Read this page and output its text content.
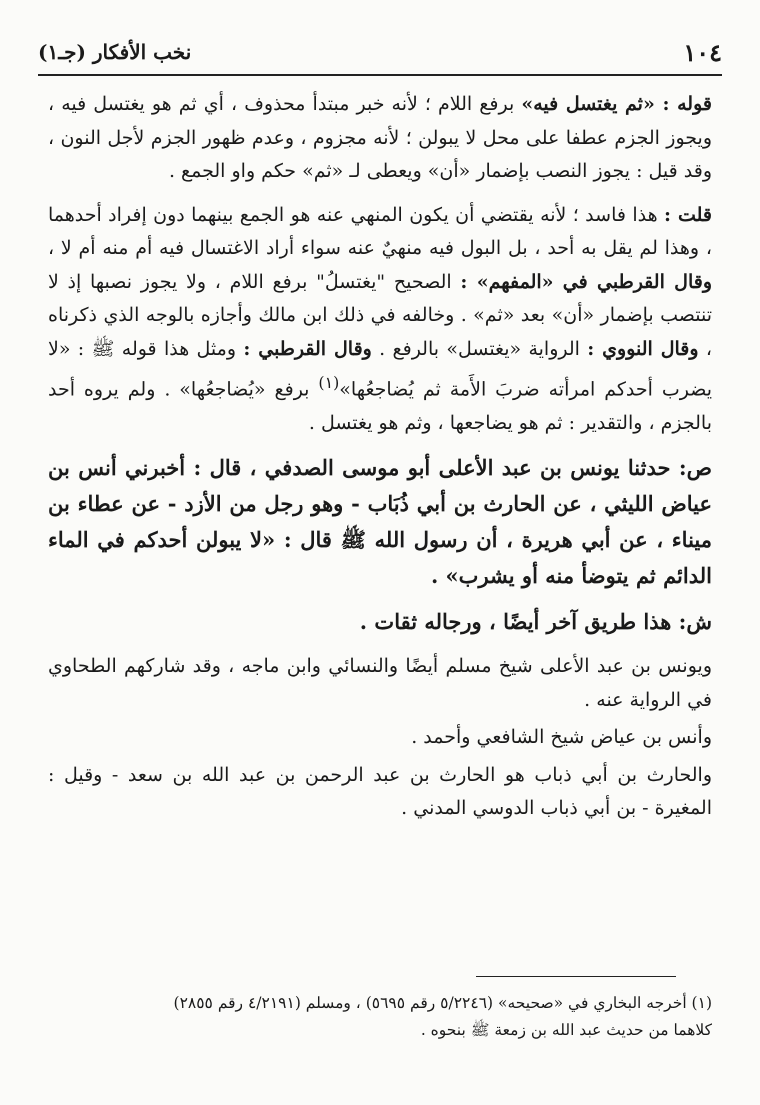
١٠٤
نخب الأفكار (جـ١)

قوله : «ثم يغتسل فيه» برفع اللام ؛ لأنه خبر مبتدأ محذوف ، أي ثم هو يغتسل فيه ، ويجوز الجزم عطفا على محل لا يبولن ؛ لأنه مجزوم ، وعدم ظهور الجزم لأجل النون ، وقد قيل : يجوز النصب بإضمار «أن» ويعطى لـ «ثم» حكم واو الجمع .

قلت : هذا فاسد ؛ لأنه يقتضي أن يكون المنهي عنه هو الجمع بينهما دون إفراد أحدهما ، وهذا لم يقل به أحد ، بل البول فيه منهيٌ عنه سواء أراد الاغتسال فيه أم منه أم لا ، وقال القرطبي في «المفهم» : الصحيح "يغتسلُ" برفع اللام ، ولا يجوز نصبها إذ لا تنتصب بإضمار «أن» بعد «ثم» . وخالفه في ذلك ابن مالك وأجازه بالوجه الذي ذكرناه ، وقال النووي : الرواية «يغتسل» بالرفع . وقال القرطبي : ومثل هذا قوله ﷺ : «لا يضرب أحدكم امرأته ضربَ الأَمة ثم يُضاجعُها»$^{(١)}$ برفع «يُضاجعُها» . ولم يروه أحد بالجزم ، والتقدير : ثم هو يضاجعها ، وثم هو يغتسل .

ص: حدثنا يونس بن عبد الأعلى أبو موسى الصدفي ، قال : أخبرني أنس بن عياض الليثي ، عن الحارث بن أبي ذُبَاب - وهو رجل من الأزد - عن عطاء بن ميناء ، عن أبي هريرة ، أن رسول الله ﷺ قال : «لا يبولن أحدكم في الماء الدائم ثم يتوضأ منه أو يشرب» .

ش: هذا طريق آخر أيضًا ، ورجاله ثقات .

ويونس بن عبد الأعلى شيخ مسلم أيضًا والنسائي وابن ماجه ، وقد شاركهم الطحاوي في الرواية عنه .

وأنس بن عياض شيخ الشافعي وأحمد .

والحارث بن أبي ذباب هو الحارث بن عبد الرحمن بن عبد الله بن سعد - وقيل : المغيرة - بن أبي ذباب الدوسي المدني .

(١) أخرجه البخاري في «صحيحه» (٥/٢٢٤٦ رقم ٥٦٩٥) ، ومسلم (٤/٢١٩١ رقم ٢٨٥٥)

كلاهما من حديث عبد الله بن زمعة ﷺ بنحوه .
